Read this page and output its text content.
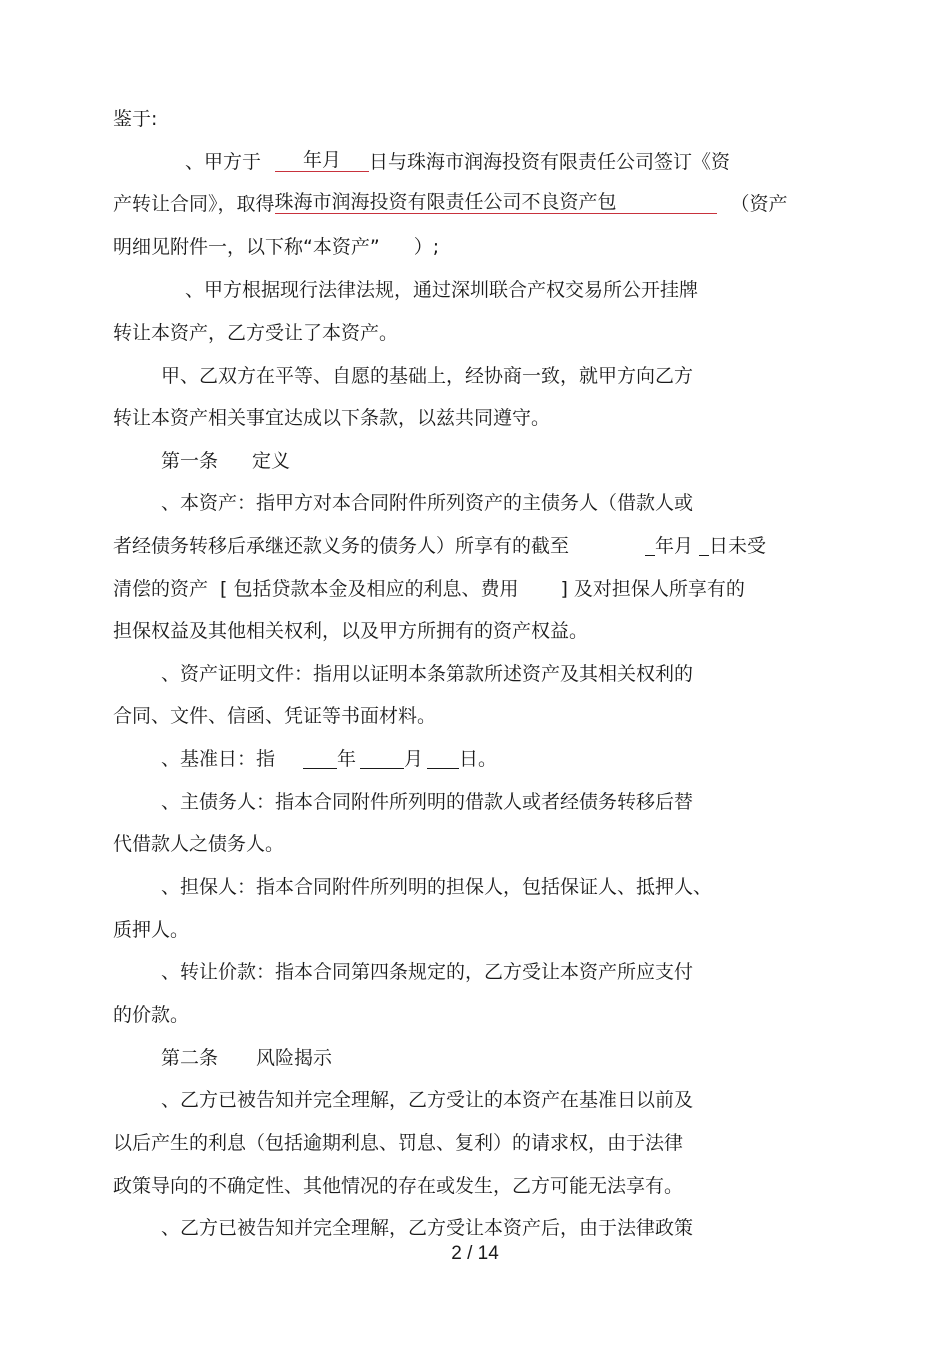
鉴于:
、甲方于 年月 日与珠海市润海投资有限责任公司签订《资
产转让合同》，取得珠海市润海投资有限责任公司不良资产包	（资产
明细见附件一，以下称“本资产” ）;
、甲方根据现行法律法规，通过深圳联合产权交易所公开挂牌
转让本资产，乙方受让了本资产。
甲、乙双方在平等、自愿的基础上，经协商一致，就甲方向乙方
转让本资产相关事宜达成以下条款，以兹共同遵守。
第一条 定义
、本资产：指甲方对本合同附件所列资产的主债务人（借款人或
者经债务转移后承继还款义务的债务人）所享有的截至	年月 日未受
清偿的资产 [ 包括贷款本金及相应的利息、费用 ] 及对担保人所享有的
担保权益及其他相关权利，以及甲方所拥有的资产权益。
、资产证明文件：指用以证明本条第款所述资产及其相关权利的
合同、文件、信函、凭证等书面材料。
、基准日：指	年	月 日。
、主债务人：指本合同附件所列明的借款人或者经债务转移后替
代借款人之债务人。
、担保人：指本合同附件所列明的担保人，包括保证人、抵押人、
质押人。
、转让价款：指本合同第四条规定的，乙方受让本资产所应支付
的价款。
第二条 风险揭示
、乙方已被告知并完全理解，乙方受让的本资产在基准日以前及
以后产生的利息（包括逾期利息、罚息、复利）的请求权，由于法律
政策导向的不确定性、其他情况的存在或发生，乙方可能无法享有。
、乙方已被告知并完全理解，乙方受让本资产后，由于法律政策
2 / 14
